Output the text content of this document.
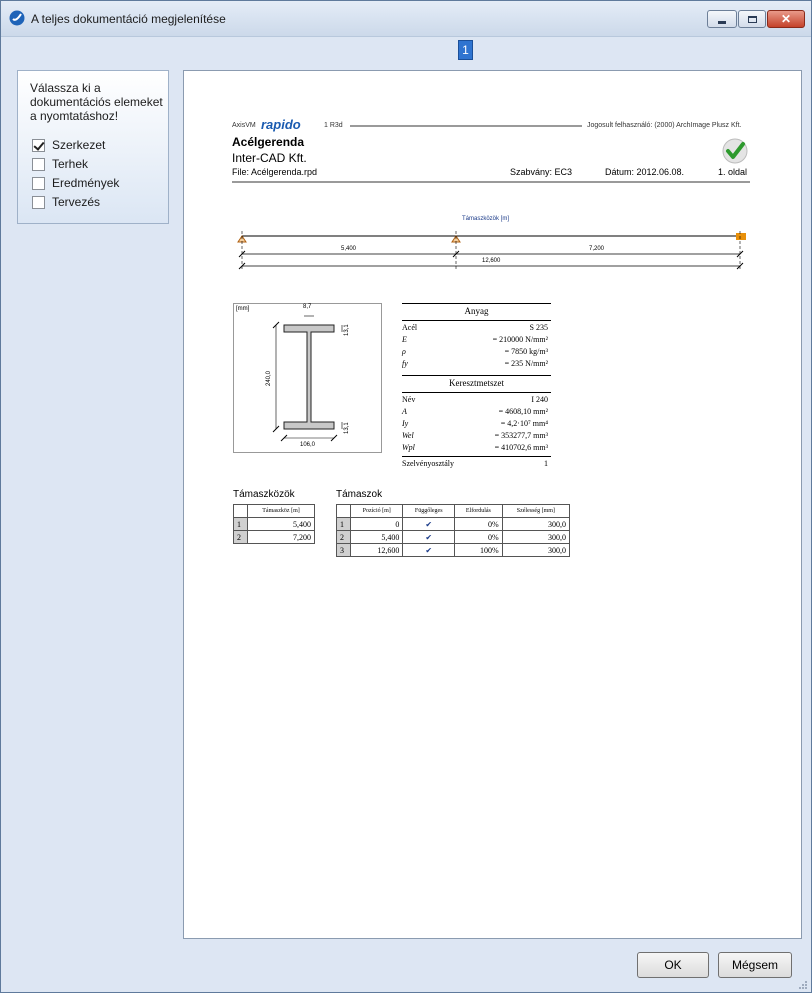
A teljes dokumentáció megjelenítése	✕
1
Válassza ki a dokumentációs elemeket a nyomtatáshoz!
Szerkezet
Terhek
Eredmények
Tervezés
AxisVM rapido	1 R3d	Jogosult felhasználó: (2000) ArchImage Plusz Kft.
Acélgerenda
Inter-CAD Kft.
File: Acélgerenda.rpd	Szabvány: EC3	Dátum: 2012.06.08.	1. oldal
Támaszközök [m]
5,400	7,200
12,600
[mm]	8,7
13,1
13,1
240,0
106,0
Anyag
Acél	S 235
E	= 210000 N/mm²
ρ	= 7850 kg/m³
fy	= 235 N/mm²
Keresztmetszet
Név	I 240
A	= 4608,10 mm²
Iy	= 4,2·10⁷ mm⁴
Wel	= 353277,7 mm³
Wpl	= 410702,6 mm³
Szelvényosztály	1
Támaszközök
	Támaszköz [m]
1	5,400
2	7,200
Támaszok
	Pozíció [m]	Függőleges	Elfordulás	Szélesség [mm]
1	0	✔	0%	300,0
2	5,400	✔	0%	300,0
3	12,600	✔	100%	300,0
OK	Mégsem
